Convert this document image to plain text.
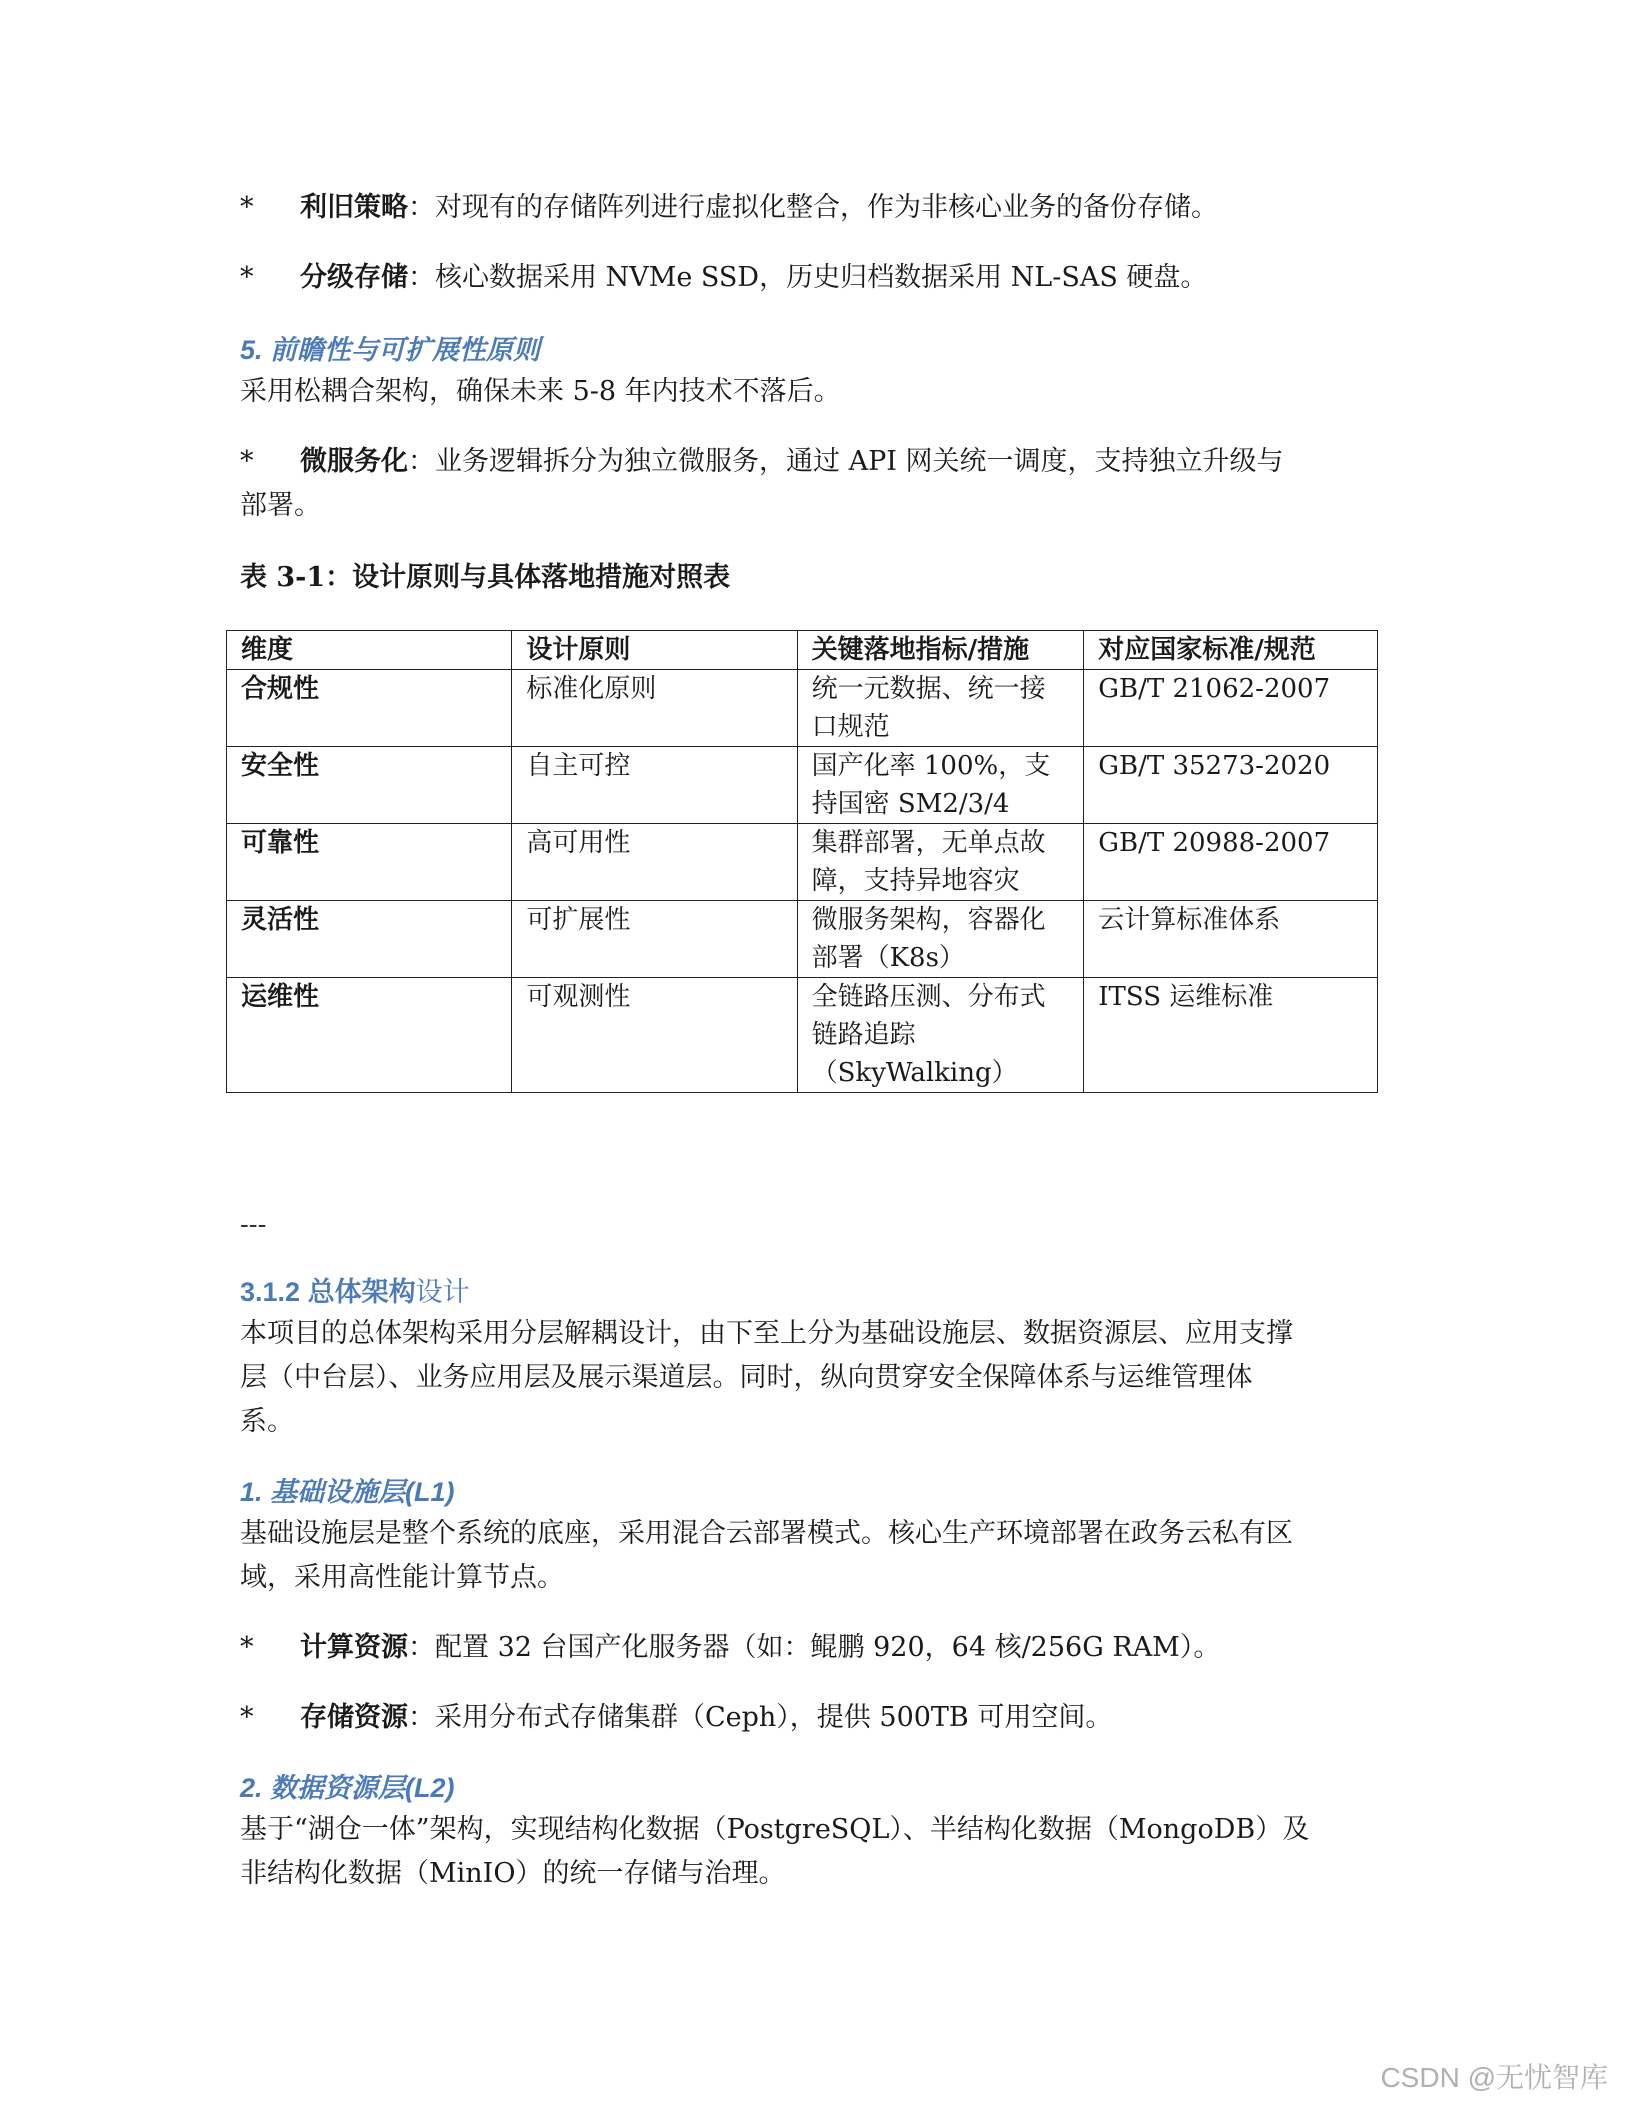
* 利旧策略：对现有的存储阵列进行虚拟化整合，作为非核心业务的备份存储。
* 分级存储：核心数据采用 NVMe SSD，历史归档数据采用 NL-SAS 硬盘。
5. 前瞻性与可扩展性原则
采用松耦合架构，确保未来 5-8 年内技术不落后。
* 微服务化：业务逻辑拆分为独立微服务，通过 API 网关统一调度，支持独立升级与
部署。
表 3-1：设计原则与具体落地措施对照表
维度	设计原则	关键落地指标/措施	对应国家标准/规范
合规性	标准化原则	统一元数据、统一接口规范	GB/T 21062-2007
安全性	自主可控	国产化率 100%，支持国密 SM2/3/4	GB/T 35273-2020
可靠性	高可用性	集群部署，无单点故障，支持异地容灾	GB/T 20988-2007
灵活性	可扩展性	微服务架构，容器化部署（K8s）	云计算标准体系
运维性	可观测性	全链路压测、分布式链路追踪（SkyWalking）	ITSS 运维标准
---
3.1.2 总体架构设计
本项目的总体架构采用分层解耦设计，由下至上分为基础设施层、数据资源层、应用支撑
层（中台层）、业务应用层及展示渠道层。同时，纵向贯穿安全保障体系与运维管理体
系。
1. 基础设施层(L1)
基础设施层是整个系统的底座，采用混合云部署模式。核心生产环境部署在政务云私有区
域，采用高性能计算节点。
* 计算资源：配置 32 台国产化服务器（如：鲲鹏 920，64 核/256G RAM）。
* 存储资源：采用分布式存储集群（Ceph），提供 500TB 可用空间。
2. 数据资源层(L2)
基于“湖仓一体”架构，实现结构化数据（PostgreSQL）、半结构化数据（MongoDB）及
非结构化数据（MinIO）的统一存储与治理。
CSDN @无忧智库
